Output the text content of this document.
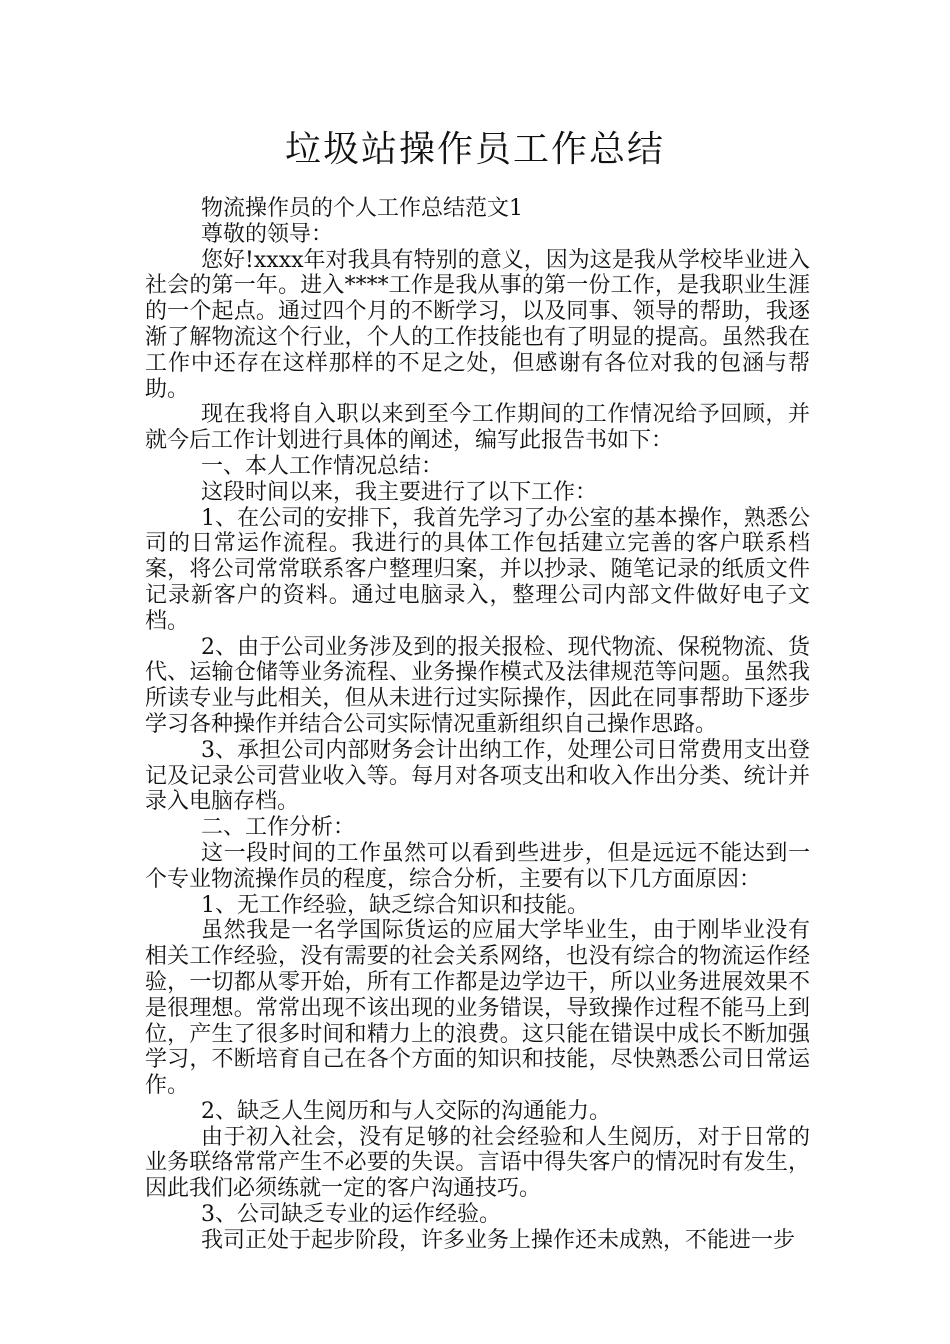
垃圾站操作员工作总结

物流操作员的个人工作总结范文1

尊敬的领导：

您好!xxxx年对我具有特别的意义，因为这是我从学校毕业进入社会的第一年。进入****工作是我从事的第一份工作，是我职业生涯的一个起点。通过四个月的不断学习，以及同事、领导的帮助，我逐渐了解物流这个行业，个人的工作技能也有了明显的提高。虽然我在工作中还存在这样那样的不足之处，但感谢有各位对我的包涵与帮助。

现在我将自入职以来到至今工作期间的工作情况给予回顾，并就今后工作计划进行具体的阐述，编写此报告书如下：

一、本人工作情况总结：

这段时间以来，我主要进行了以下工作：

1、在公司的安排下，我首先学习了办公室的基本操作，熟悉公司的日常运作流程。我进行的具体工作包括建立完善的客户联系档案，将公司常常联系客户整理归案，并以抄录、随笔记录的纸质文件记录新客户的资料。通过电脑录入，整理公司内部文件做好电子文档。

2、由于公司业务涉及到的报关报检、现代物流、保税物流、货代、运输仓储等业务流程、业务操作模式及法律规范等问题。虽然我所读专业与此相关，但从未进行过实际操作，因此在同事帮助下逐步学习各种操作并结合公司实际情况重新组织自己操作思路。

3、承担公司内部财务会计出纳工作，处理公司日常费用支出登记及记录公司营业收入等。每月对各项支出和收入作出分类、统计并录入电脑存档。

二、工作分析：

这一段时间的工作虽然可以看到些进步，但是远远不能达到一个专业物流操作员的程度，综合分析，主要有以下几方面原因：

1、无工作经验，缺乏综合知识和技能。

虽然我是一名学国际货运的应届大学毕业生，由于刚毕业没有相关工作经验，没有需要的社会关系网络，也没有综合的物流运作经验，一切都从零开始，所有工作都是边学边干，所以业务进展效果不是很理想。常常出现不该出现的业务错误，导致操作过程不能马上到位，产生了很多时间和精力上的浪费。这只能在错误中成长不断加强学习，不断培育自己在各个方面的知识和技能，尽快熟悉公司日常运作。

2、缺乏人生阅历和与人交际的沟通能力。

由于初入社会，没有足够的社会经验和人生阅历，对于日常的业务联络常常产生不必要的失误。言语中得失客户的情况时有发生，因此我们必须练就一定的客户沟通技巧。

3、公司缺乏专业的运作经验。

我司正处于起步阶段，许多业务上操作还未成熟，不能进一步
